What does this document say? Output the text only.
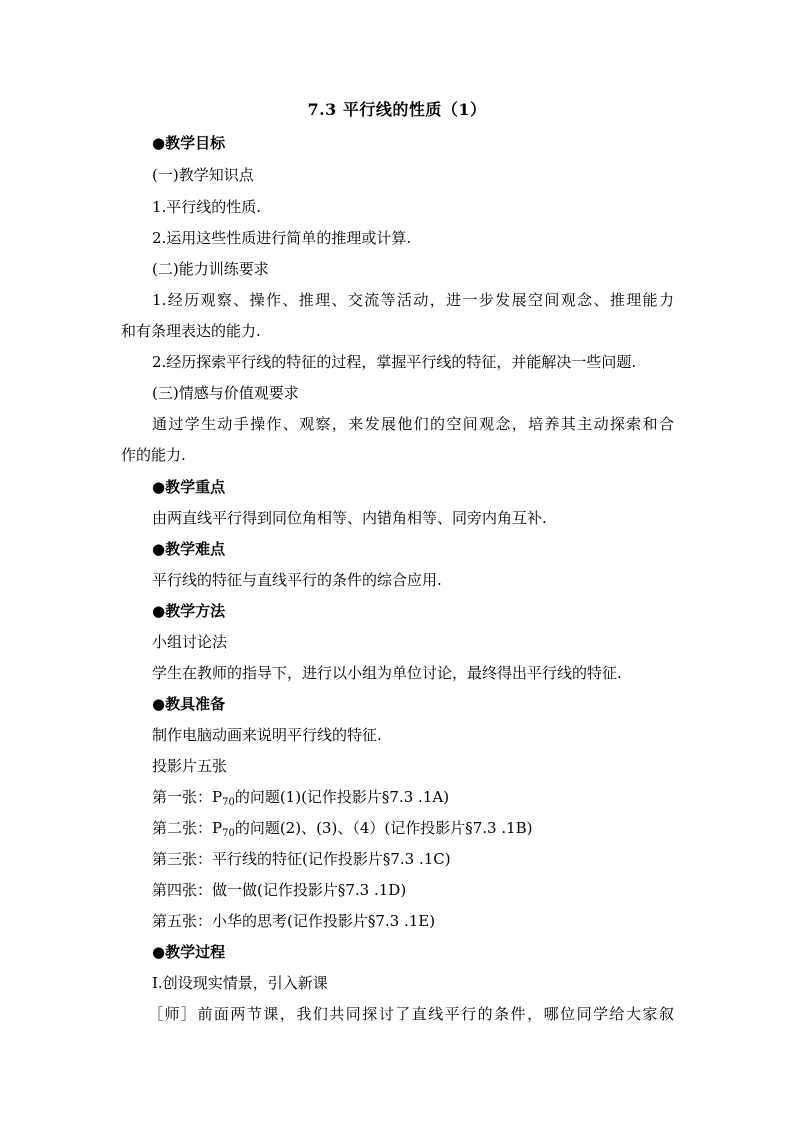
7.3 平行线的性质（1）
●教学目标
(一)教学知识点
1.平行线的性质.
2.运用这些性质进行简单的推理或计算.
(二)能力训练要求
1.经历观察、操作、推理、交流等活动，进一步发展空间观念、推理能力
和有条理表达的能力.
2.经历探索平行线的特征的过程，掌握平行线的特征，并能解决一些问题.
(三)情感与价值观要求
通过学生动手操作、观察，来发展他们的空间观念，培养其主动探索和合
作的能力.
●教学重点
由两直线平行得到同位角相等、内错角相等、同旁内角互补.
●教学难点
平行线的特征与直线平行的条件的综合应用.
●教学方法
小组讨论法
学生在教师的指导下，进行以小组为单位讨论，最终得出平行线的特征.
●教具准备
制作电脑动画来说明平行线的特征.
投影片五张
第一张：$P_{70}$的问题(1)(记作投影片§7.3 .1A)
第二张：$P_{70}$的问题(2)、(3)、（4）(记作投影片§7.3 .1B)
第三张：平行线的特征(记作投影片§7.3 .1C)
第四张：做一做(记作投影片§7.3 .1D)
第五张：小华的思考(记作投影片§7.3 .1E)
●教学过程
Ⅰ.创设现实情景，引入新课
［师］前面两节课，我们共同探讨了直线平行的条件，哪位同学给大家叙
